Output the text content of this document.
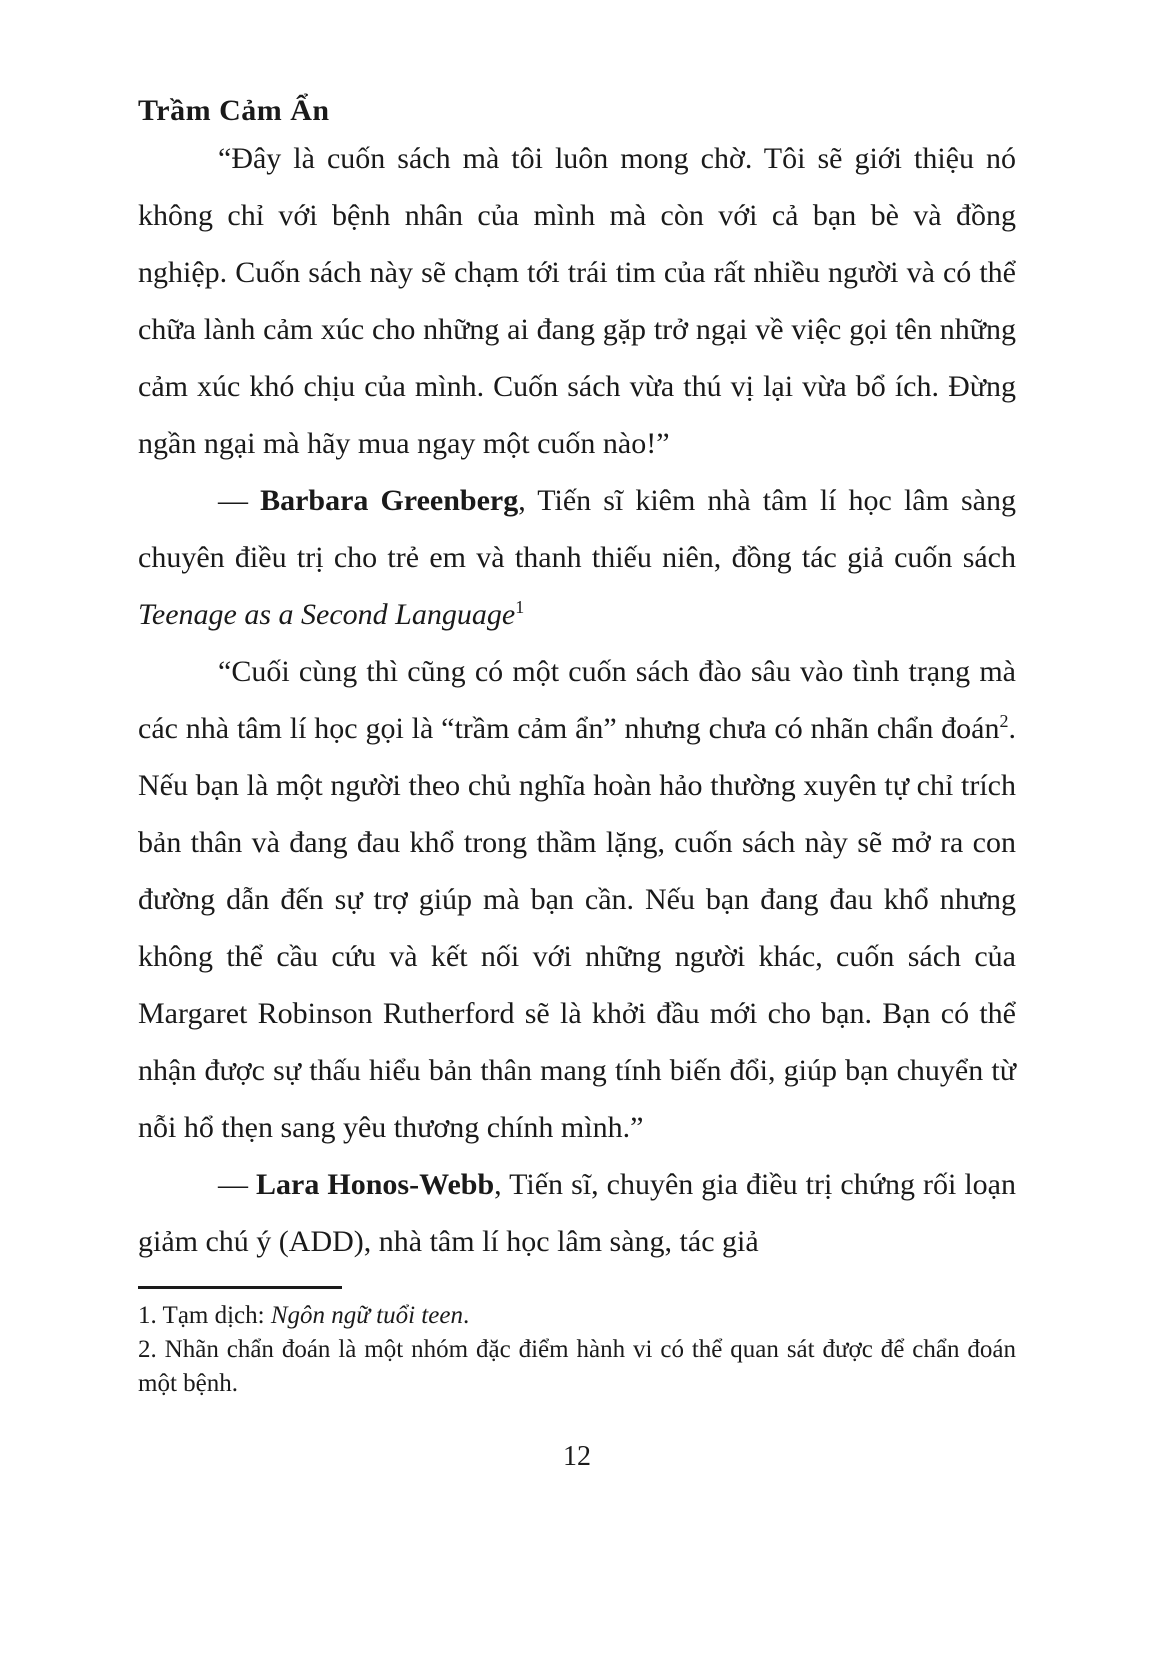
Trầm Cảm Ẩn

“Đây là cuốn sách mà tôi luôn mong chờ. Tôi sẽ giới thiệu nó không chỉ với bệnh nhân của mình mà còn với cả bạn bè và đồng nghiệp. Cuốn sách này sẽ chạm tới trái tim của rất nhiều người và có thể chữa lành cảm xúc cho những ai đang gặp trở ngại về việc gọi tên những cảm xúc khó chịu của mình. Cuốn sách vừa thú vị lại vừa bổ ích. Đừng ngần ngại mà hãy mua ngay một cuốn nào!”

— Barbara Greenberg, Tiến sĩ kiêm nhà tâm lí học lâm sàng chuyên điều trị cho trẻ em và thanh thiếu niên, đồng tác giả cuốn sách Teenage as a Second Language$^1$

“Cuối cùng thì cũng có một cuốn sách đào sâu vào tình trạng mà các nhà tâm lí học gọi là “trầm cảm ẩn” nhưng chưa có nhãn chẩn đoán$^2$. Nếu bạn là một người theo chủ nghĩa hoàn hảo thường xuyên tự chỉ trích bản thân và đang đau khổ trong thầm lặng, cuốn sách này sẽ mở ra con đường dẫn đến sự trợ giúp mà bạn cần. Nếu bạn đang đau khổ nhưng không thể cầu cứu và kết nối với những người khác, cuốn sách của Margaret Robinson Rutherford sẽ là khởi đầu mới cho bạn. Bạn có thể nhận được sự thấu hiểu bản thân mang tính biến đổi, giúp bạn chuyển từ nỗi hổ thẹn sang yêu thương chính mình.”

— Lara Honos-Webb, Tiến sĩ, chuyên gia điều trị chứng rối loạn giảm chú ý (ADD), nhà tâm lí học lâm sàng, tác giả

1. Tạm dịch: Ngôn ngữ tuổi teen.

2. Nhãn chẩn đoán là một nhóm đặc điểm hành vi có thể quan sát được để chẩn đoán một bệnh.

12
